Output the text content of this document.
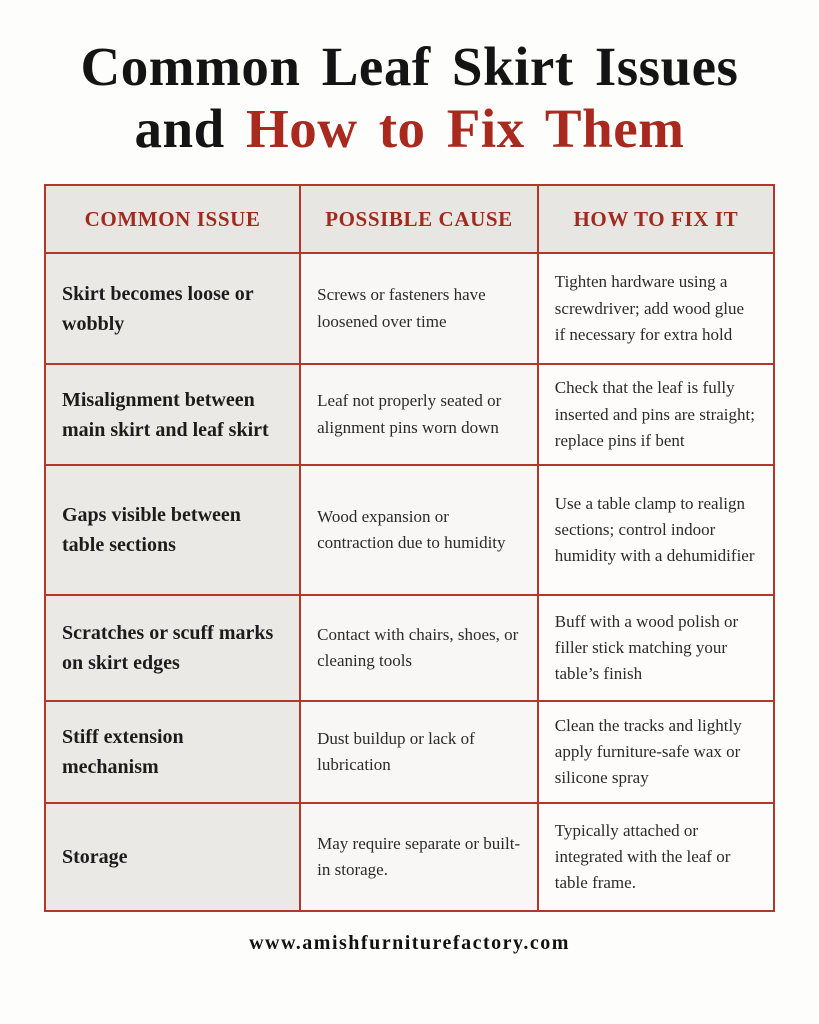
Common Leaf Skirt Issues
and How to Fix Them
COMMON ISSUE	POSSIBLE CAUSE	HOW TO FIX IT
Skirt becomes loose or wobbly	Screws or fasteners have loosened over time	Tighten hardware using a screwdriver; add wood glue if necessary for extra hold
Misalignment between main skirt and leaf skirt	Leaf not properly seated or alignment pins worn down	Check that the leaf is fully inserted and pins are straight; replace pins if bent
Gaps visible between table sections	Wood expansion or contraction due to humidity	Use a table clamp to realign sections; control indoor humidity with a dehumidifier
Scratches or scuff marks on skirt edges	Contact with chairs, shoes, or cleaning tools	Buff with a wood polish or filler stick matching your table’s finish
Stiff extension mechanism	Dust buildup or lack of lubrication	Clean the tracks and lightly apply furniture-safe wax or silicone spray
Storage	May require separate or built-in storage.	Typically attached or integrated with the leaf or table frame.
www.amishfurniturefactory.com
